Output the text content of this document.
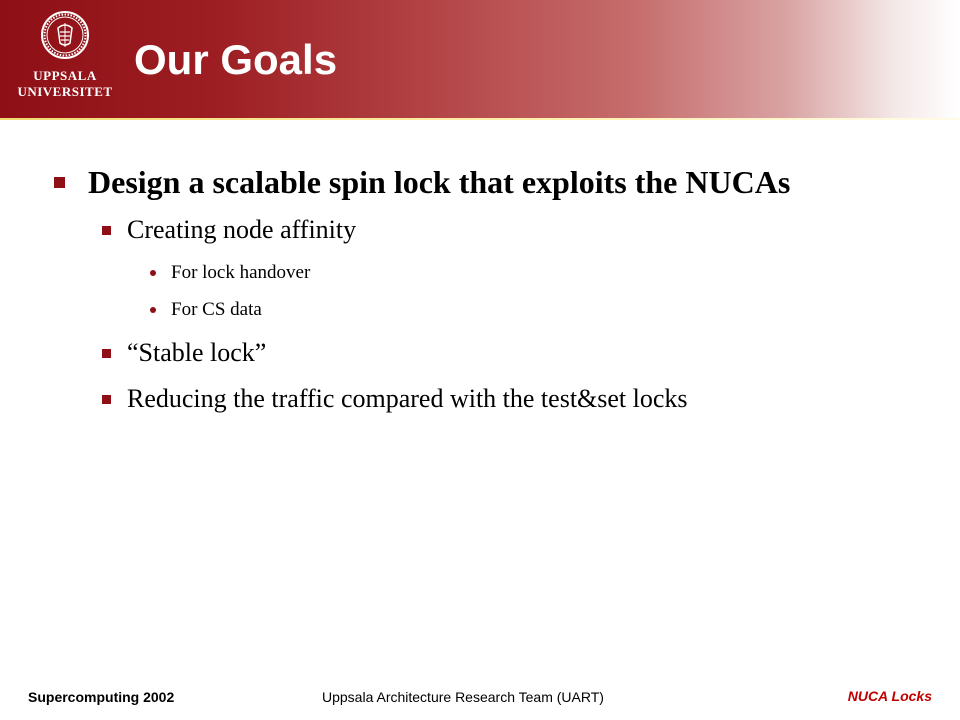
UPPSALA
UNIVERSITET
Our Goals
Design a scalable spin lock that exploits the NUCAs
Creating node affinity
For lock handover
For CS data
“Stable lock”
Reducing the traffic compared with the test&set locks
Supercomputing 2002	Uppsala Architecture Research Team (UART)	NUCA Locks
